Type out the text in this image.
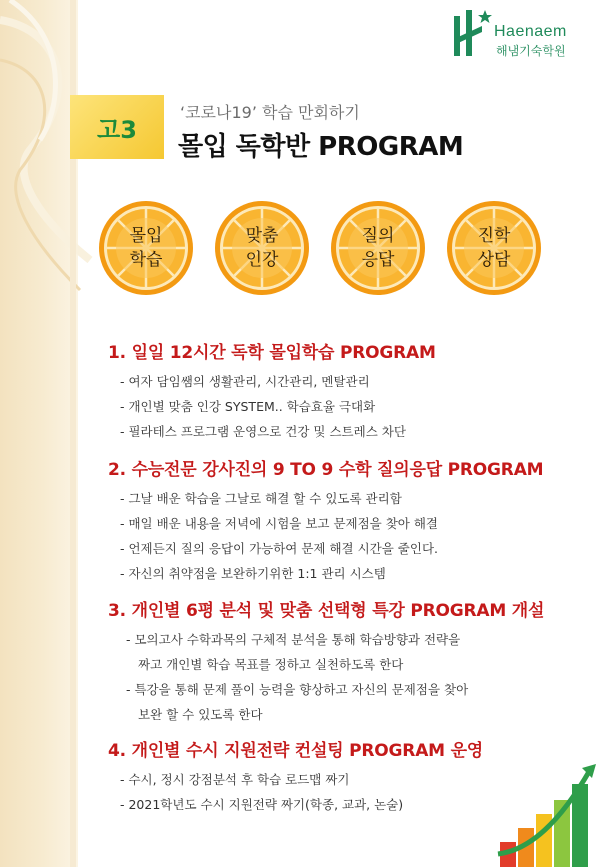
Haenaem
해냄기숙학원
고3
‘코로나19’ 학습 만회하기
몰입 독학반 PROGRAM
몰입
학습
맞춤
인강
질의
응답
진학
상담
1. 일일 12시간 독학 몰입학습 PROGRAM
- 여자 담임쌤의 생활관리, 시간관리, 멘탈관리
- 개인별 맞춤 인강 SYSTEM.. 학습효율 극대화
- 필라테스 프로그램 운영으로 건강 및 스트레스 차단
2. 수능전문 강사진의 9 TO 9 수학 질의응답 PROGRAM
- 그날 배운 학습을 그날로 해결 할 수 있도록 관리함
- 매일 배운 내용을 저녁에 시험을 보고 문제점을 찾아 해결
- 언제든지 질의 응답이 가능하여 문제 해결 시간을 줄인다.
- 자신의 취약점을 보완하기위한 1:1 관리 시스템
3. 개인별 6평 분석 및 맞춤 선택형 특강 PROGRAM 개설
- 모의고사 수학과목의 구체적 분석을 통해 학습방향과 전략을
짜고 개인별 학습 목표를 정하고 실천하도록 한다
- 특강을 통해 문제 풀이 능력을 향상하고 자신의 문제점을 찾아
보완 할 수 있도록 한다
4. 개인별 수시 지원전략 컨설팅 PROGRAM 운영
- 수시, 정시 강점분석 후 학습 로드맵 짜기
- 2021학년도 수시 지원전략 짜기(학종, 교과, 논술)
